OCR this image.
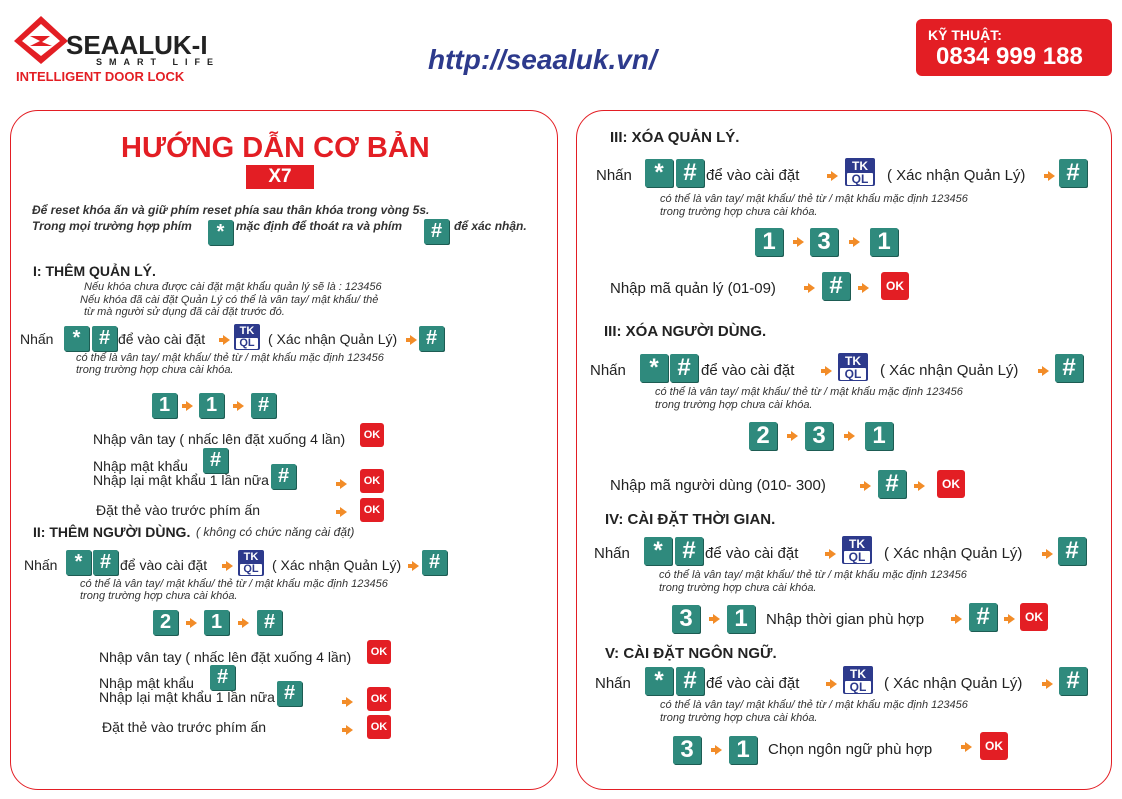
SEAALUK-I
SMART LIFE
INTELLIGENT DOOR LOCK
http://seaaluk.vn/
KỸ THUẬT:
0834 999 188
HƯỚNG DẪN CƠ BẢN
X7
Để reset khóa ấn và giữ phím reset phía sau thân khóa trong vòng 5s.
Trong mọi trường hợp phím	* mặc định để thoát ra và phím	# để xác nhận.
I: THÊM QUẢN LÝ.
Nếu khóa chưa được cài đặt mật khẩu quản lý sẽ là : 123456
Nếu khóa đã cài đặt Quản Lý có thể là vân tay/ mật khẩu/ thẻ
từ mà người sử dụng đã cài đặt trước đó.
Nhấn * # để vào cài đặt	TK
QL ( Xác nhận Quản Lý)	#
có thể là vân tay/ mật khẩu/ thẻ từ / mật khẩu mặc định 123456
trong trường hợp chưa cài khóa.
1	1	#
Nhập vân tay ( nhấc lên đặt xuống 4 lần)	OK
Nhập mật khẩu	#
Nhập lại mật khẩu 1 lần nữa #	OK
Đặt thẻ vào trước phím ấn	OK
II: THÊM NGƯỜI DÙNG. ( không có chức năng cài đặt)
Nhấn * # để vào cài đặt	TK
QL ( Xác nhận Quản Lý)	#
có thể là vân tay/ mật khẩu/ thẻ từ / mật khẩu mặc định 123456
trong trường hợp chưa cài khóa.
2	1	#
Nhập vân tay ( nhấc lên đặt xuống 4 lần)	OK
Nhập mật khẩu	#
Nhập lại mật khẩu 1 lần nữa #	OK
Đặt thẻ vào trước phím ấn	OK
III: XÓA QUẢN LÝ.
Nhấn * # để vào cài đặt
TK
QL	( Xác nhận Quản Lý)	#
có thể là vân tay/ mật khẩu/ thẻ từ / mật khẩu mặc định 123456
trong trường hợp chưa cài khóa.
1	3	1
Nhập mã quản lý (01-09)	#	OK
III: XÓA NGƯỜI DÙNG.
Nhấn * # để vào cài đặt
TK
QL	( Xác nhận Quản Lý)	#
có thể là vân tay/ mật khẩu/ thẻ từ / mật khẩu mặc định 123456
trong trường hợp chưa cài khóa.
2	3	1
Nhập mã người dùng (010- 300)	#	OK
IV: CÀI ĐẶT THỜI GIAN.
Nhấn * # để vào cài đặt
TK
QL	( Xác nhận Quản Lý)	#
có thể là vân tay/ mật khẩu/ thẻ từ / mật khẩu mặc định 123456
trong trường hợp chưa cài khóa.
3	1	Nhập thời gian phù hợp	#	OK
V: CÀI ĐẶT NGÔN NGỮ.
Nhấn * # để vào cài đặt
TK
QL	( Xác nhận Quản Lý)	#
có thể là vân tay/ mật khẩu/ thẻ từ / mật khẩu mặc định 123456
trong trường hợp chưa cài khóa.
3	1	Chọn ngôn ngữ phù hợp	OK
